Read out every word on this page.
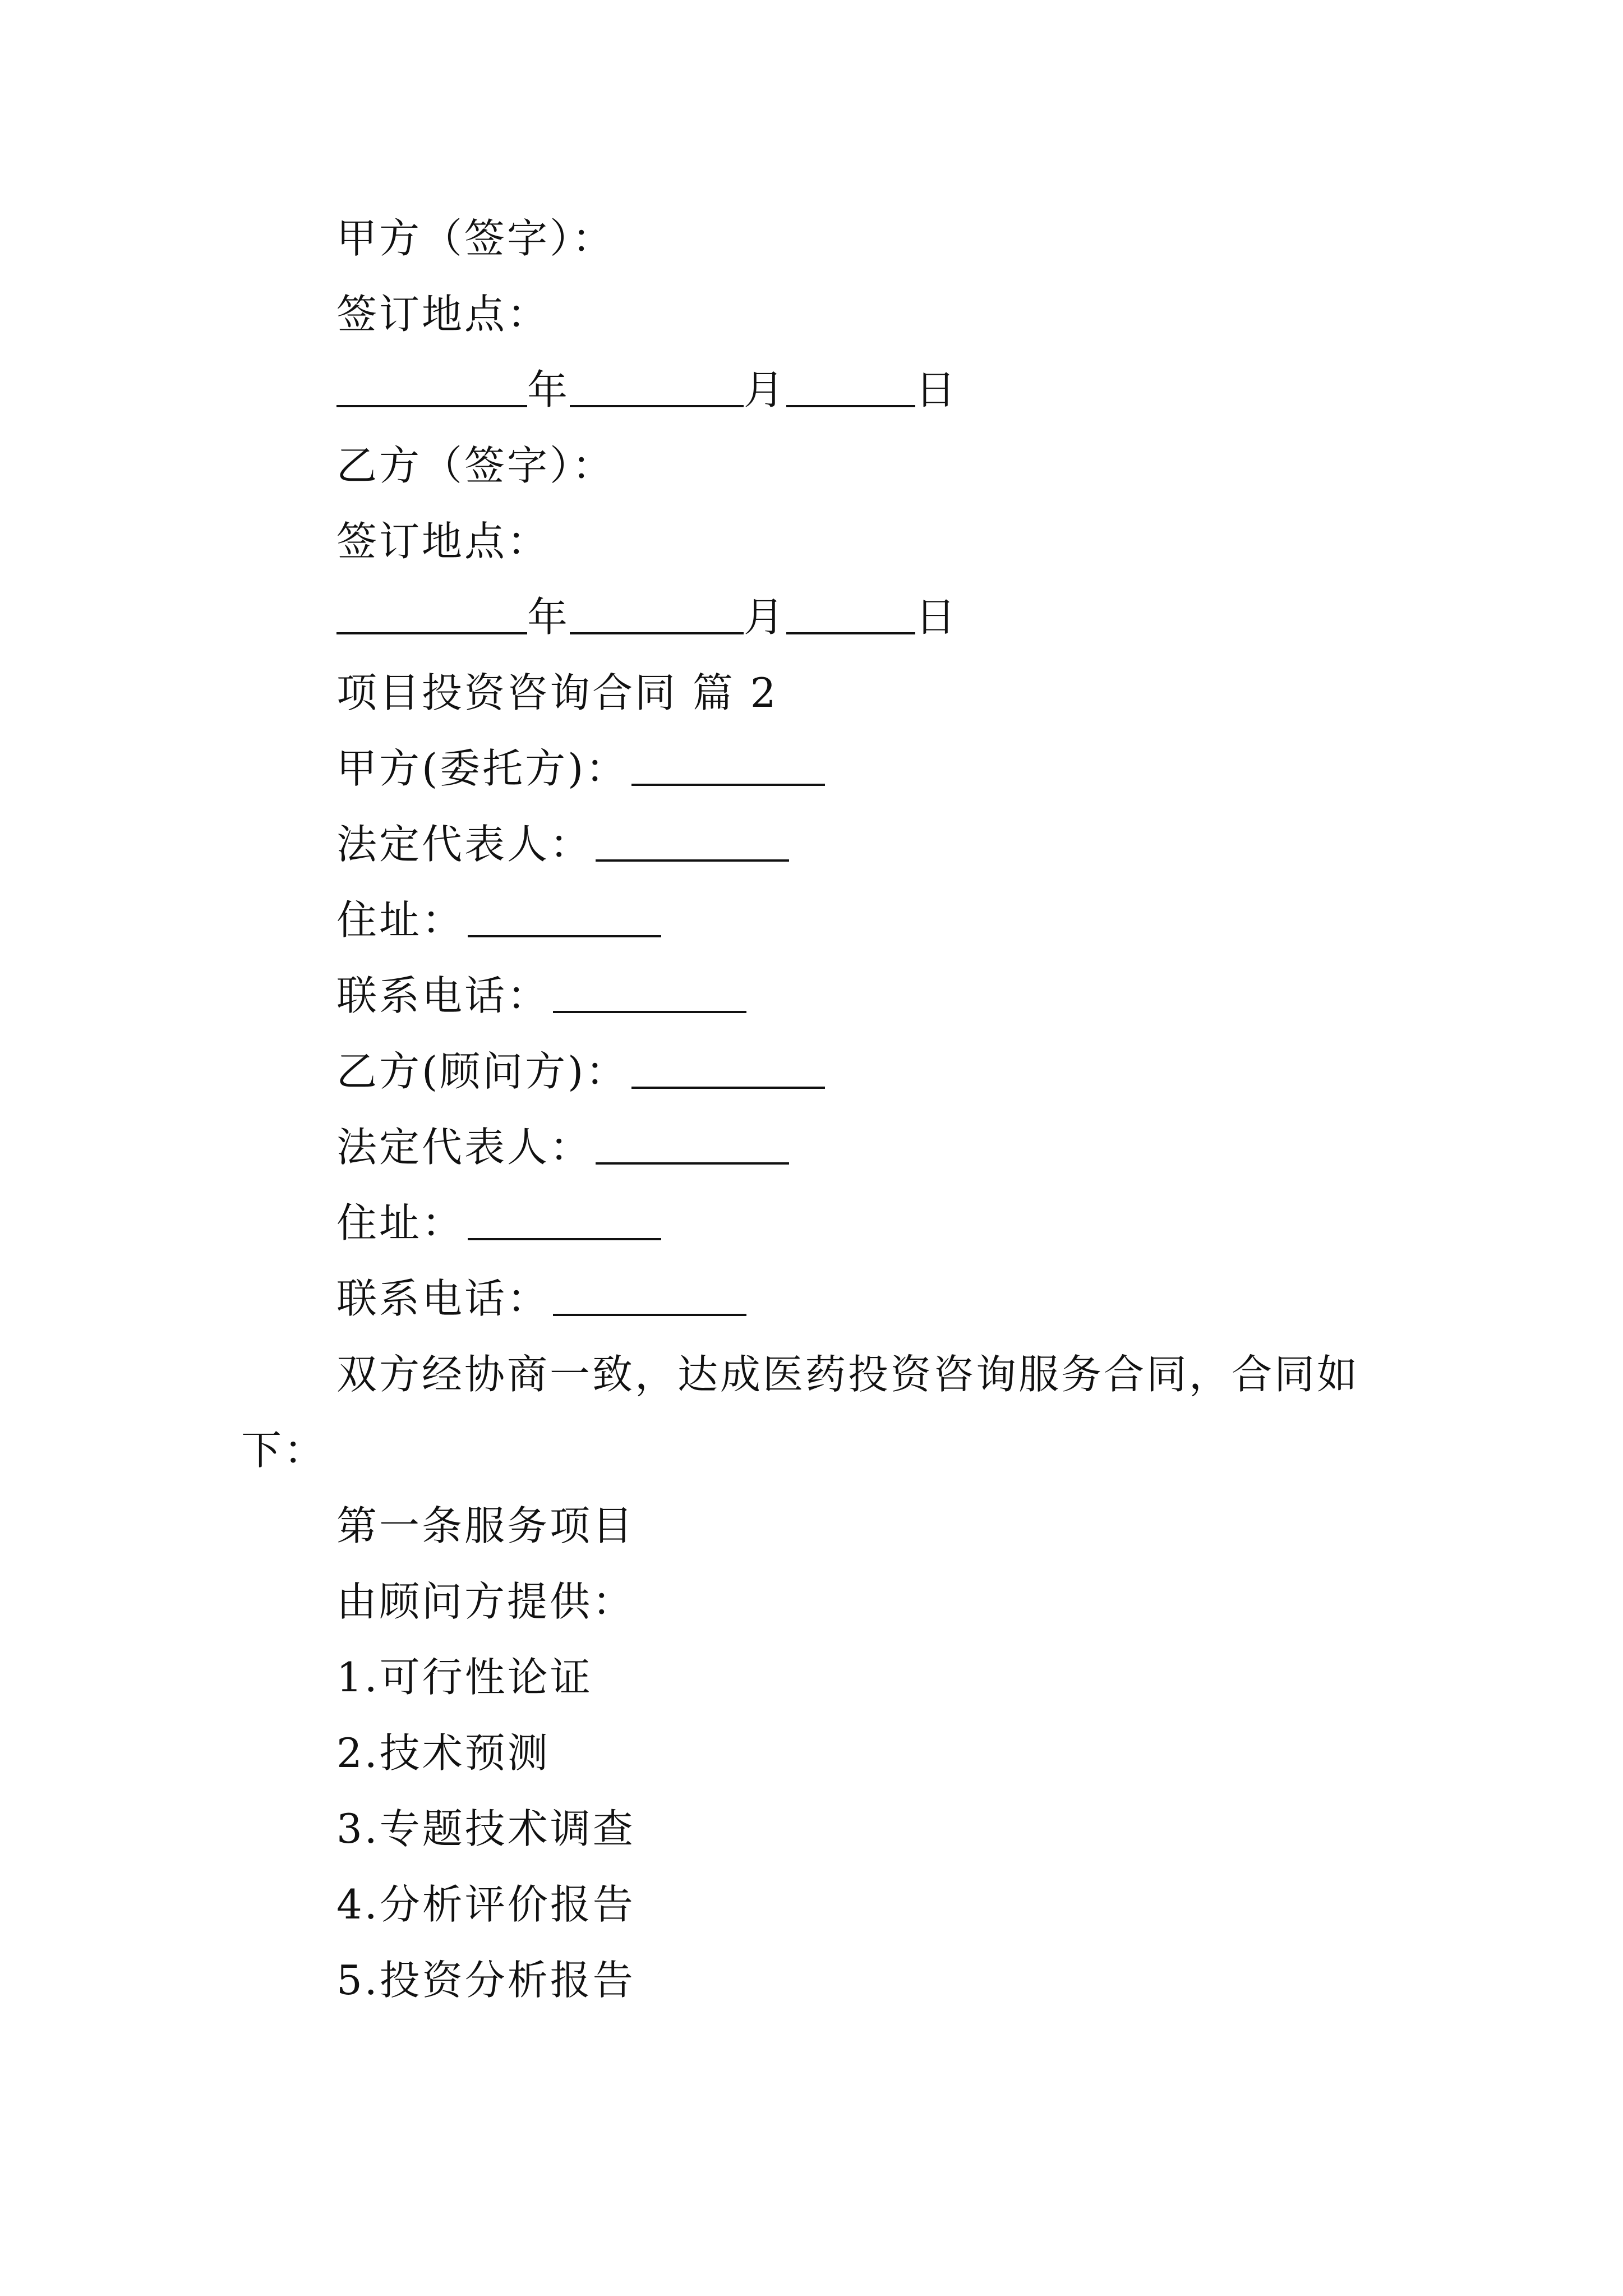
甲方（签字）：
签订地点：
年	月	日
乙方（签字）：
签订地点：
年	月	日
项目投资咨询合同 篇 2
甲方(委托方)：
法定代表人：
住址：
联系电话：
乙方(顾问方)：
法定代表人：
住址：
联系电话：
双方经协商一致，达成医药投资咨询服务合同，合同如
下：
第一条服务项目
由顾问方提供：
1.可行性论证
2.技术预测
3.专题技术调查
4.分析评价报告
5.投资分析报告
